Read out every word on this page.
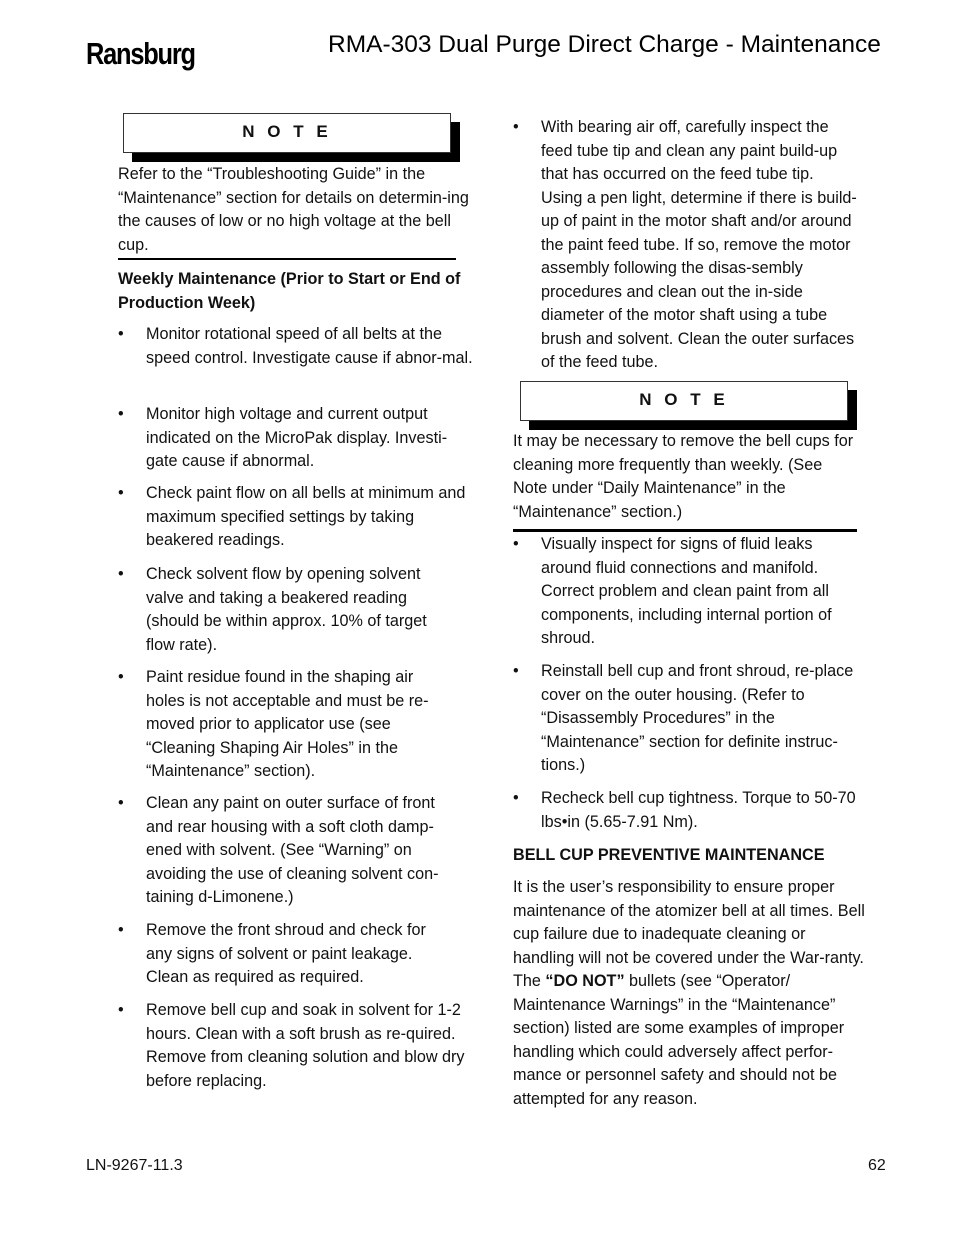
Ransburg	RMA-303 Dual Purge Direct Charge - Maintenance
N O T E

Refer to the “Troubleshooting Guide” in the “Maintenance” section for details on determin-ing the causes of low or no high voltage at the bell cup.

Weekly Maintenance (Prior to Start or End of Production Week)

•
Monitor rotational speed of all belts at the speed control. Investigate cause if abnor-mal.
•
Monitor high voltage and current output indicated on the MicroPak display. Investi-gate cause if abnormal.
•
Check paint flow on all bells at minimum and maximum specified settings by taking beakered readings.
•
Check solvent flow by opening solvent valve and taking a beakered reading (should be within approx. 10% of target flow rate).
•
Paint residue found in the shaping air holes is not acceptable and must be re-moved prior to applicator use (see “Cleaning Shaping Air Holes” in the “Maintenance” section).
•
Clean any paint on outer surface of front and rear housing with a soft cloth damp-ened with solvent. (See “Warning” on avoiding the use of cleaning solvent con-taining d-Limonene.)
•
Remove the front shroud and check for any signs of solvent or paint leakage. Clean as required as required.
•
Remove bell cup and soak in solvent for 1-2 hours. Clean with a soft brush as re-quired. Remove from cleaning solution and blow dry before replacing.
•
With bearing air off, carefully inspect the feed tube tip and clean any paint build-up that has occurred on the feed tube tip. Using a pen light, determine if there is build-up of paint in the motor shaft and/or around the paint feed tube. If so, remove the motor assembly following the disas-sembly procedures and clean out the in-side diameter of the motor shaft using a tube brush and solvent. Clean the outer surfaces of the feed tube.
N O T E

It may be necessary to remove the bell cups for cleaning more frequently than weekly. (See Note under “Daily Maintenance” in the “Maintenance” section.)

•
Visually inspect for signs of fluid leaks around fluid connections and manifold. Correct problem and clean paint from all components, including internal portion of shroud.
•
Reinstall bell cup and front shroud, re-place cover on the outer housing. (Refer to “Disassembly Procedures” in the “Maintenance” section for definite instruc-tions.)
•
Recheck bell cup tightness. Torque to 50-70 lbs•in (5.65-7.91 Nm).

BELL CUP PREVENTIVE MAINTENANCE

It is the user’s responsibility to ensure proper maintenance of the atomizer bell at all times. Bell cup failure due to inadequate cleaning or handling will not be covered under the War-ranty. The “DO NOT” bullets (see “Operator/ Maintenance Warnings” in the “Maintenance” section) listed are some examples of improper handling which could adversely affect perfor-mance or personnel safety and should not be attempted for any reason.

LN-9267-11.3	62
